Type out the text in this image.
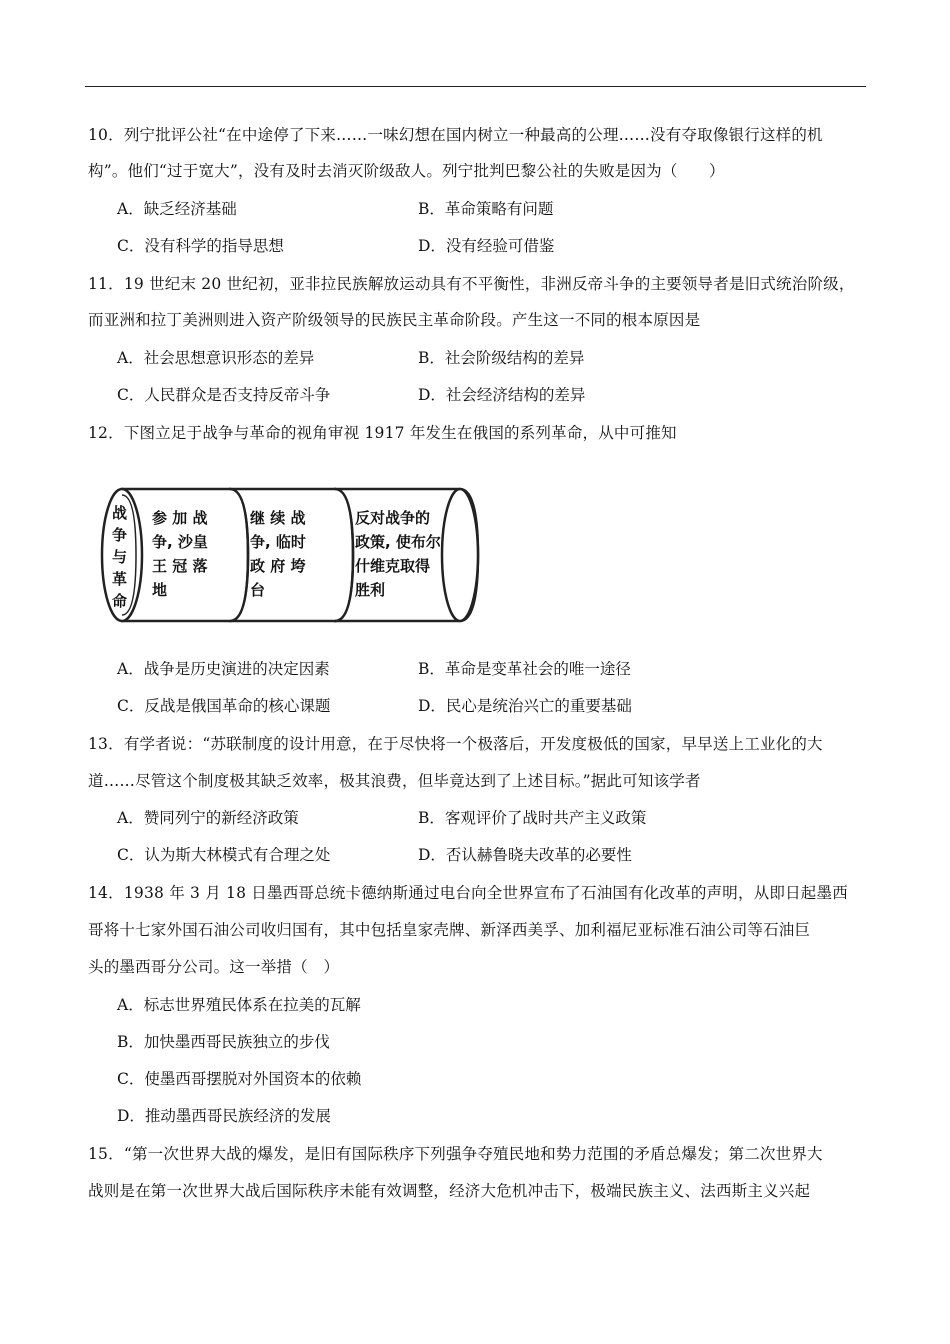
10．列宁批评公社“在中途停了下来……一味幻想在国内树立一种最高的公理……没有夺取像银行这样的机
构”。他们“过于宽大”，没有及时去消灭阶级敌人。列宁批判巴黎公社的失败是因为（　　）
A．缺乏经济基础	B．革命策略有问题
C．没有科学的指导思想	D．没有经验可借鉴
11．19 世纪末 20 世纪初，亚非拉民族解放运动具有不平衡性，非洲反帝斗争的主要领导者是旧式统治阶级，
而亚洲和拉丁美洲则进入资产阶级领导的民族民主革命阶段。产生这一不同的根本原因是
A．社会思想意识形态的差异	B．社会阶级结构的差异
C．人民群众是否支持反帝斗争	D．社会经济结构的差异
12．下图立足于战争与革命的视角审视 1917 年发生在俄国的系列革命，从中可推知
战
争
与
革
命
参 加 战
争, 沙皇
王 冠 落
地
继 续 战
争, 临时
政 府 垮
台
反对战争的
政策, 使布尔
什维克取得
胜利
A．战争是历史演进的决定因素	B．革命是变革社会的唯一途径
C．反战是俄国革命的核心课题	D．民心是统治兴亡的重要基础
13．有学者说：“苏联制度的设计用意，在于尽快将一个极落后，开发度极低的国家，早早送上工业化的大
道……尽管这个制度极其缺乏效率，极其浪费，但毕竟达到了上述目标。”据此可知该学者
A．赞同列宁的新经济政策	B．客观评价了战时共产主义政策
C．认为斯大林模式有合理之处	D．否认赫鲁晓夫改革的必要性
14．1938 年 3 月 18 日墨西哥总统卡德纳斯通过电台向全世界宣布了石油国有化改革的声明，从即日起墨西
哥将十七家外国石油公司收归国有，其中包括皇家壳牌、新泽西美孚、加利福尼亚标准石油公司等石油巨
头的墨西哥分公司。这一举措（　）
A．标志世界殖民体系在拉美的瓦解
B．加快墨西哥民族独立的步伐
C．使墨西哥摆脱对外国资本的依赖
D．推动墨西哥民族经济的发展
15．“第一次世界大战的爆发，是旧有国际秩序下列强争夺殖民地和势力范围的矛盾总爆发；第二次世界大
战则是在第一次世界大战后国际秩序未能有效调整，经济大危机冲击下，极端民族主义、法西斯主义兴起
